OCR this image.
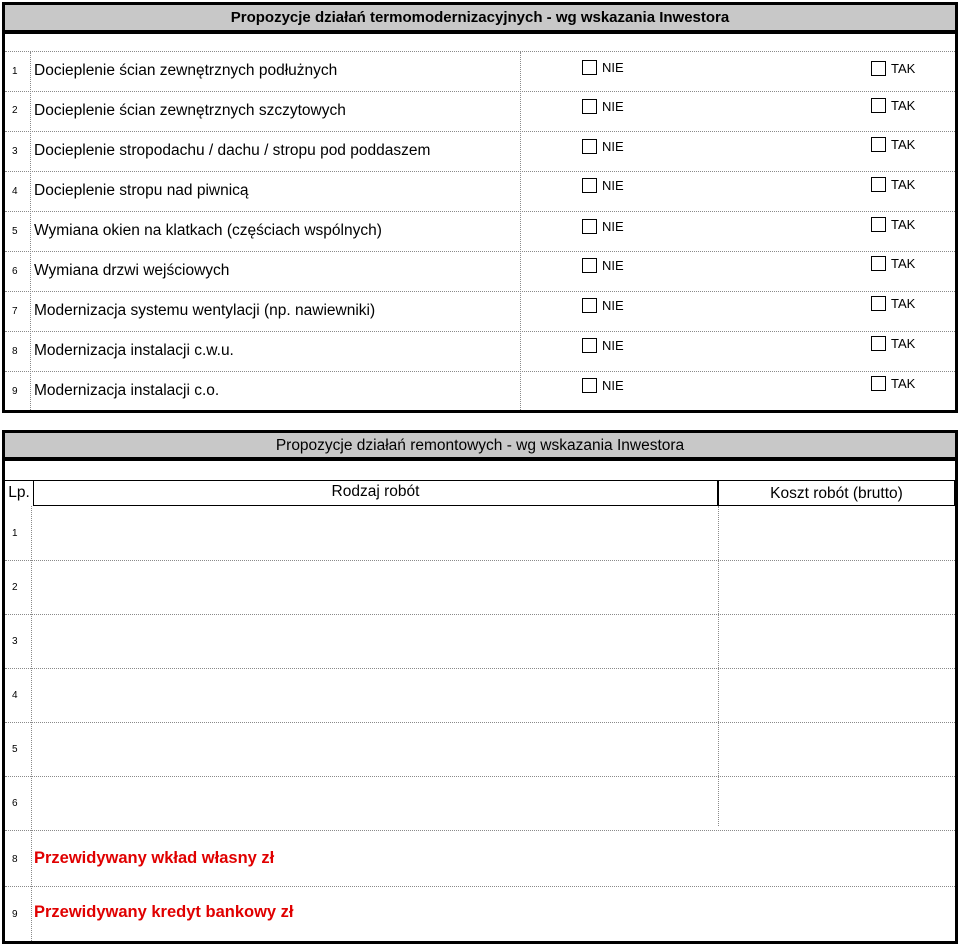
Propozycje działań termomodernizacyjnych - wg wskazania Inwestora
1 Docieplenie ścian zewnętrznych podłużnych	NIE	TAK
2 Docieplenie ścian zewnętrznych szczytowych	NIE	TAK
3 Docieplenie stropodachu / dachu / stropu pod poddaszem	NIE	TAK
4 Docieplenie stropu nad piwnicą	NIE	TAK
5 Wymiana okien na klatkach (częściach wspólnych)	NIE	TAK
6 Wymiana drzwi wejściowych	NIE	TAK
7 Modernizacja systemu wentylacji (np. nawiewniki)	NIE	TAK
8 Modernizacja instalacji c.w.u.	NIE	TAK
9 Modernizacja instalacji c.o.	NIE	TAK
Propozycje działań remontowych - wg wskazania Inwestora
Lp.	Rodzaj robót	Koszt robót (brutto)
1
2
3
4
5
6
8 Przewidywany wkład własny zł
9 Przewidywany kredyt bankowy zł
